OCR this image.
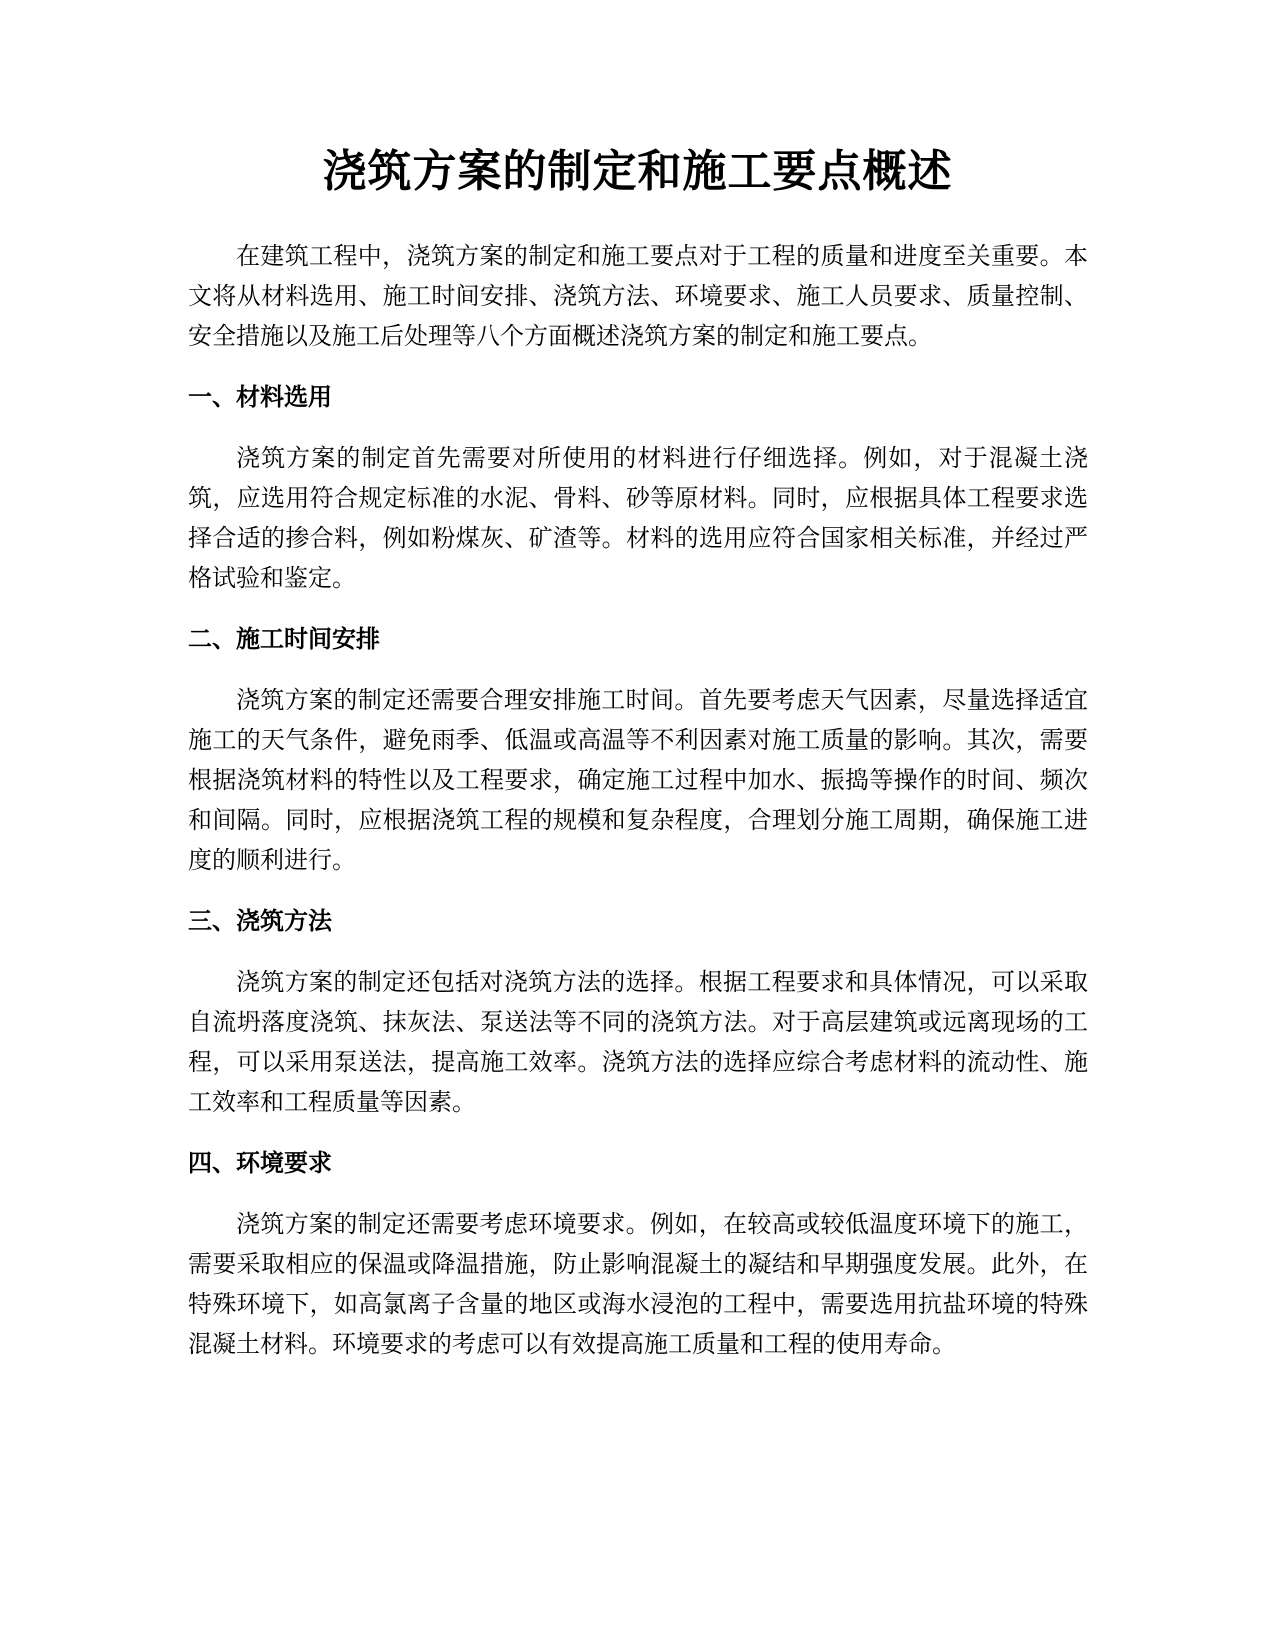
浇筑方案的制定和施工要点概述

在建筑工程中，浇筑方案的制定和施工要点对于工程的质量和进度至关重要。本文将从材料选用、施工时间安排、浇筑方法、环境要求、施工人员要求、质量控制、安全措施以及施工后处理等八个方面概述浇筑方案的制定和施工要点。

一、材料选用

浇筑方案的制定首先需要对所使用的材料进行仔细选择。例如，对于混凝土浇筑，应选用符合规定标准的水泥、骨料、砂等原材料。同时，应根据具体工程要求选择合适的掺合料，例如粉煤灰、矿渣等。材料的选用应符合国家相关标准，并经过严格试验和鉴定。

二、施工时间安排

浇筑方案的制定还需要合理安排施工时间。首先要考虑天气因素，尽量选择适宜施工的天气条件，避免雨季、低温或高温等不利因素对施工质量的影响。其次，需要根据浇筑材料的特性以及工程要求，确定施工过程中加水、振捣等操作的时间、频次和间隔。同时，应根据浇筑工程的规模和复杂程度，合理划分施工周期，确保施工进度的顺利进行。

三、浇筑方法

浇筑方案的制定还包括对浇筑方法的选择。根据工程要求和具体情况，可以采取自流坍落度浇筑、抹灰法、泵送法等不同的浇筑方法。对于高层建筑或远离现场的工程，可以采用泵送法，提高施工效率。浇筑方法的选择应综合考虑材料的流动性、施工效率和工程质量等因素。

四、环境要求

浇筑方案的制定还需要考虑环境要求。例如，在较高或较低温度环境下的施工，需要采取相应的保温或降温措施，防止影响混凝土的凝结和早期强度发展。此外，在特殊环境下，如高氯离子含量的地区或海水浸泡的工程中，需要选用抗盐环境的特殊混凝土材料。环境要求的考虑可以有效提高施工质量和工程的使用寿命。
